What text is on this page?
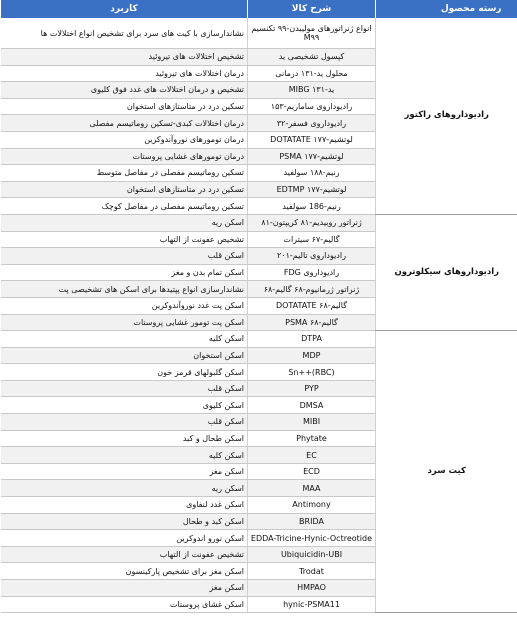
رسته محصول	شرح کالا	کاربرد
رادیوداروهای راکتور	انواع ژنراتورهای مولیبدن-۹۹ تکنسیم M۹۹	نشاندارسازی با کیت های سرد برای تشخیص انواع اختلالات ها
	کپسول تشخیصی ید	تشخیص اختلالات های تیروئید
	محلول ید-۱۳۱ درمانی	درمان اختلالات های تیروئید
	ید-۱۳۱ MIBG	تشخیص و درمان اختلالات های غدد فوق کلیوی
	رادیوداروی ساماریم-۱۵۳	تسکین درد در متاستازهای استخوان
	رادیوداروی فسفر-۳۲	درمان اختلالات کبدی-تسکین روماتیسم مفصلی
	لوتشیم-۱۷۷ DOTATATE	درمان تومورهای نوروآندوکرین
	لوتشیم-۱۷۷ PSMA	درمان تومورهای غشایی پروستات
	رنیم-۱۸۸ سولفید	تسکین روماتیسم مفصلی در مفاصل متوسط
	لوتشیم-۱۷۷ EDTMP	تسکین درد در متاستازهای استخوان
	رنیم-186 سولفید	تسکین روماتیسم مفصلی در مفاصل کوچک
رادیوداروهای سیکلوترون	ژنراتور روبیدیم-۸۱ کریپتون-۸۱	اسکن ریه
	گالیم-۶۷ سیترات	تشخیص عفونت از التهاب
	رادیوداروی تالیم-۲۰۱	اسکن قلب
	رادیوداروی FDG	اسکن تمام بدن و مغز
	ژنراتور ژرمانیوم-۶۸ گالیم-۶۸	نشاندارسازی انواع پپتیدها برای اسکن های تشخیصی پت
	گالیم-۶۸ DOTATATE	اسکن پت غدد نوروآندوکرین
	گالیم-۶۸ PSMA	اسکن پت تومور غشایی پروستات
کیت سرد	DTPA	اسکن کلیه
	MDP	اسکن استخوان
	Sn++(RBC)	اسکن گلبولهای قرمز خون
	PYP	اسکن قلب
	DMSA	اسکن کلیوی
	MIBI	اسکن قلب
	Phytate	اسکن طحال و کبد
	EC	اسکن کلیه
	ECD	اسکن مغز
	MAA	اسکن ریه
	Antimony	اسکن غدد لنفاوی
	BRIDA	اسکن کبد و طحال
	EDDA-Tricine-Hynic-Octreotide	اسکن نورو اندوکرین
	Ubiquicidin-UBI	تشخیص عفونت از التهاب
	Trodat	اسکن مغز برای تشخیص پارکینسون
	HMPAO	اسکن مغز
	hynic-PSMA11	اسکن غشای پروستات
